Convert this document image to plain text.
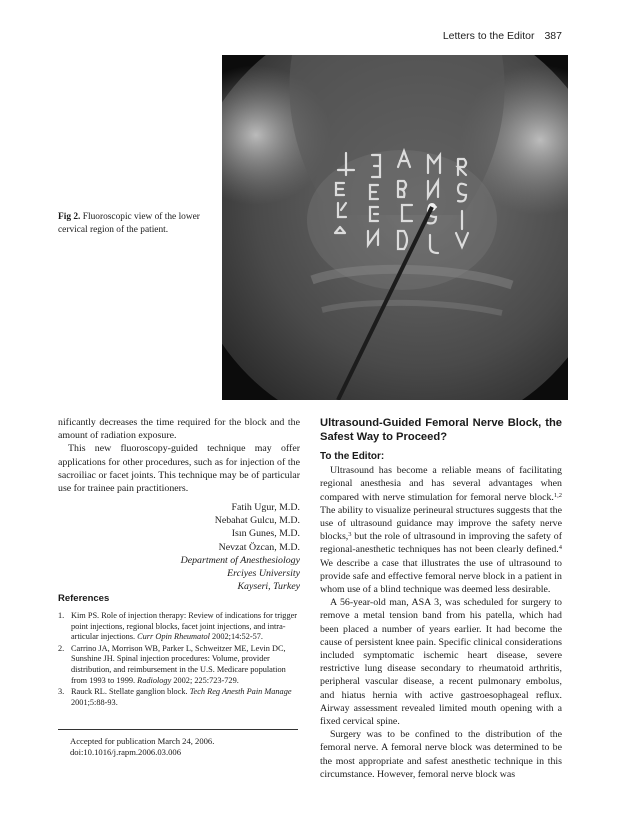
Letters to the Editor 387
Fig 2. Fluoroscopic view of the lower cervical region of the patient.

nificantly decreases the time required for the block and the amount of radiation exposure.

This new fluoroscopy-guided technique may offer applications for other procedures, such as for injection of the sacroiliac or facet joints. This technique may be of particular use for trainee pain practitioners.

Fatih Ugur, M.D.
Nebahat Gulcu, M.D.
Isın Gunes, M.D.
Nevzat Özcan, M.D.
Department of Anesthesiology
Erciyes University
Kayseri, Turkey
References
1. Kim PS. Role of injection therapy: Review of indications for trigger point injections, regional blocks, facet joint injections, and intra-articular injections. Curr Opin Rheumatol 2002;14:52-57.
2. Carrino JA, Morrison WB, Parker L, Schweitzer ME, Levin DC, Sunshine JH. Spinal injection procedures: Volume, provider distribution, and reimbursement in the U.S. Medicare population from 1993 to 1999. Radiology 2002; 225:723-729.
3. Rauck RL. Stellate ganglion block. Tech Reg Anesth Pain Manage 2001;5:88-93.
Accepted for publication March 24, 2006.
doi:10.1016/j.rapm.2006.03.006
Ultrasound-Guided Femoral Nerve Block, the Safest Way to Proceed?
To the Editor:

Ultrasound has become a reliable means of facilitating regional anesthesia and has several advantages when compared with nerve stimulation for femoral nerve block.$^{1,2}$ The ability to visualize perineural structures suggests that the use of ultrasound guidance may improve the safety nerve blocks,$^3$ but the role of ultrasound in improving the safety of regional-anesthetic techniques has not been clearly defined.$^4$ We describe a case that illustrates the use of ultrasound to provide safe and effective femoral nerve block in a patient in whom use of a blind technique was deemed less desirable.

A 56-year-old man, ASA 3, was scheduled for surgery to remove a metal tension band from his patella, which had been placed a number of years earlier. It had become the cause of persistent knee pain. Specific clinical considerations included symptomatic ischemic heart disease, severe restrictive lung disease secondary to rheumatoid arthritis, peripheral vascular disease, a recent pulmonary embolus, and hiatus hernia with active gastroesophageal reflux. Airway assessment revealed limited mouth opening with a fixed cervical spine.

Surgery was to be confined to the distribution of the femoral nerve. A femoral nerve block was determined to be the most appropriate and safest anesthetic technique in this circumstance. However, femoral nerve block was
